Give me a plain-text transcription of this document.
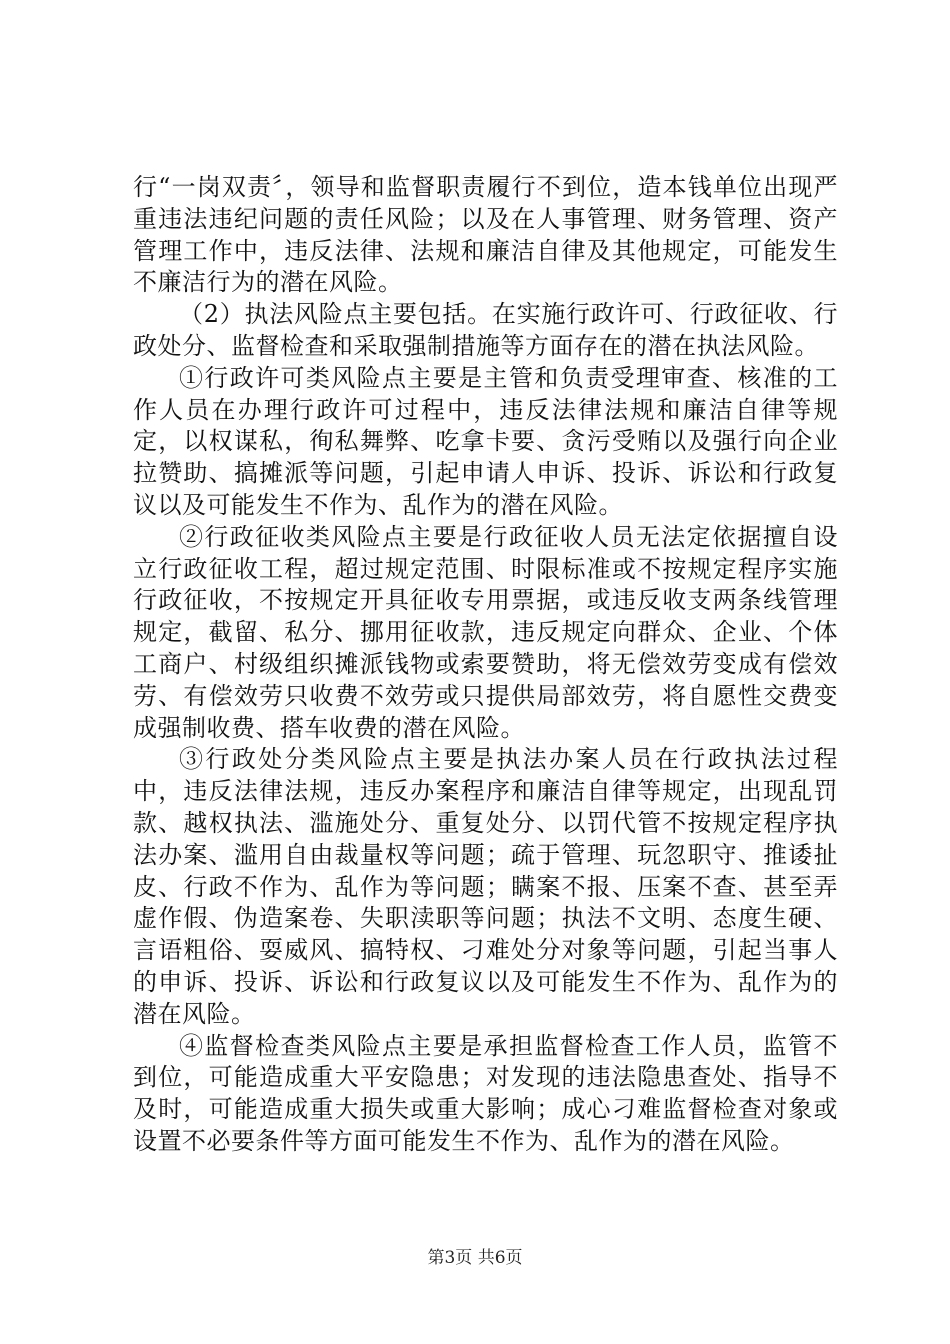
行“一岗双责〞，领导和监督职责履行不到位，造本钱单位出现严重违法违纪问题的责任风险；以及在人事管理、财务管理、资产管理工作中，违反法律、法规和廉洁自律及其他规定，可能发生不廉洁行为的潜在风险。

（2）执法风险点主要包括。在实施行政许可、行政征收、行政处分、监督检查和采取强制措施等方面存在的潜在执法风险。

①行政许可类风险点主要是主管和负责受理审查、核准的工作人员在办理行政许可过程中，违反法律法规和廉洁自律等规定，以权谋私，徇私舞弊、吃拿卡要、贪污受贿以及强行向企业拉赞助、搞摊派等问题，引起申请人申诉、投诉、诉讼和行政复议以及可能发生不作为、乱作为的潜在风险。

②行政征收类风险点主要是行政征收人员无法定依据擅自设立行政征收工程，超过规定范围、时限标准或不按规定程序实施行政征收，不按规定开具征收专用票据，或违反收支两条线管理规定，截留、私分、挪用征收款，违反规定向群众、企业、个体工商户、村级组织摊派钱物或索要赞助，将无偿效劳变成有偿效劳、有偿效劳只收费不效劳或只提供局部效劳，将自愿性交费变成强制收费、搭车收费的潜在风险。

③行政处分类风险点主要是执法办案人员在行政执法过程中，违反法律法规，违反办案程序和廉洁自律等规定，出现乱罚款、越权执法、滥施处分、重复处分、以罚代管不按规定程序执法办案、滥用自由裁量权等问题；疏于管理、玩忽职守、推诿扯皮、行政不作为、乱作为等问题；瞒案不报、压案不查、甚至弄虚作假、伪造案卷、失职渎职等问题；执法不文明、态度生硬、言语粗俗、耍威风、搞特权、刁难处分对象等问题，引起当事人的申诉、投诉、诉讼和行政复议以及可能发生不作为、乱作为的潜在风险。

④监督检查类风险点主要是承担监督检查工作人员，监管不到位，可能造成重大平安隐患；对发现的违法隐患查处、指导不及时，可能造成重大损失或重大影响；成心刁难监督检查对象或设置不必要条件等方面可能发生不作为、乱作为的潜在风险。

第3页 共6页
